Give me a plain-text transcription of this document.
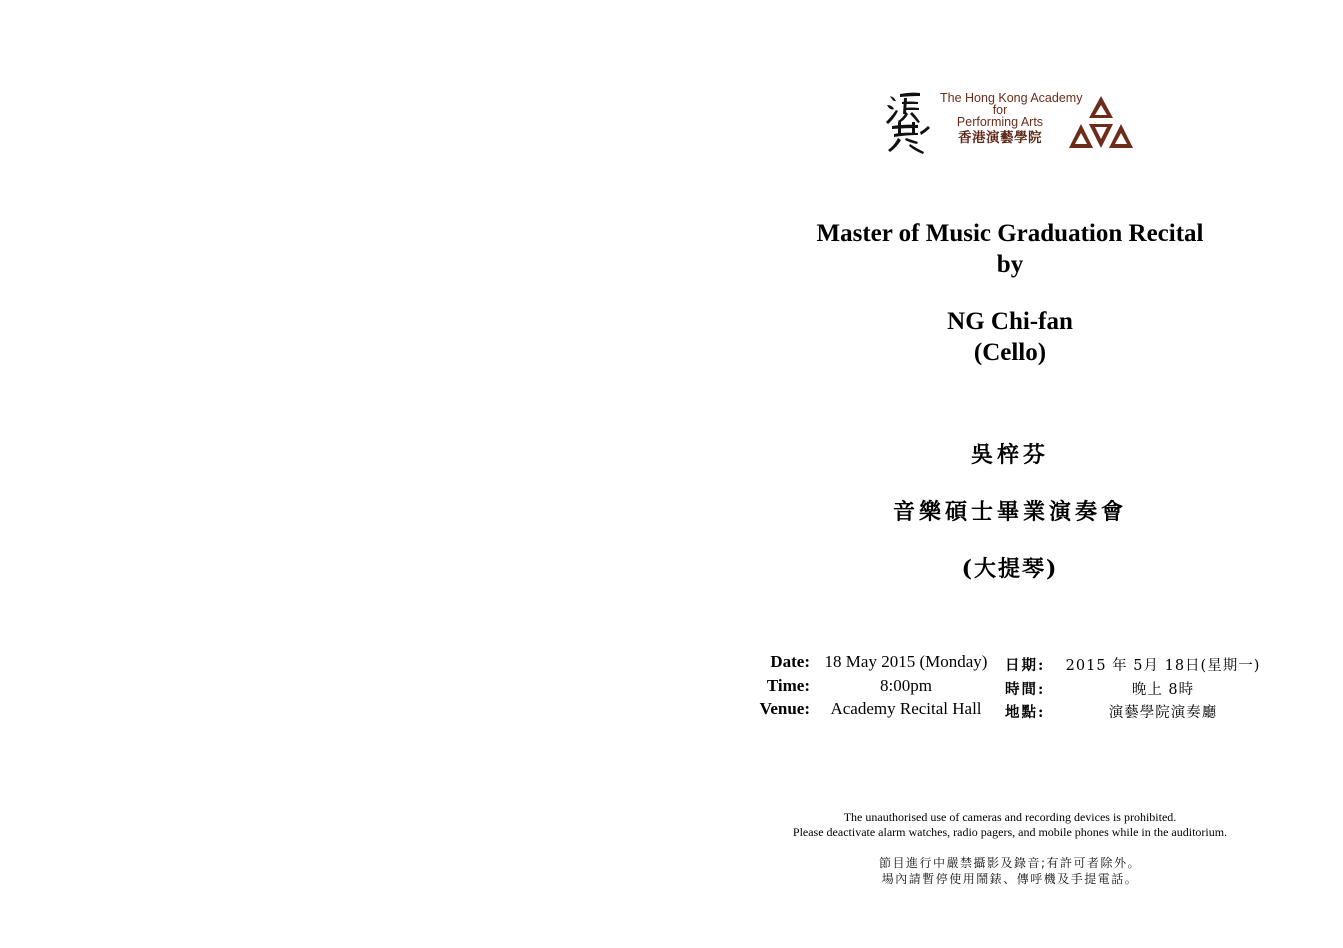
The Hong Kong Academy
for
Performing Arts
香港演藝學院
Master of Music Graduation Recital
by
NG Chi-fan
(Cello)
吳梓芬
音樂碩士畢業演奏會
(大提琴)
Date: 18 May 2015 (Monday)	日期:	2015 年 5月 18日(星期一)
Time:	8:00pm	時間:	晚上 8時
Venue:	Academy Recital Hall	地點:	演藝學院演奏廳
The unauthorised use of cameras and recording devices is prohibited.
Please deactivate alarm watches, radio pagers, and mobile phones while in the auditorium.
節目進行中嚴禁攝影及錄音;有許可者除外。
場內請暫停使用鬧錶、傳呼機及手提電話。
